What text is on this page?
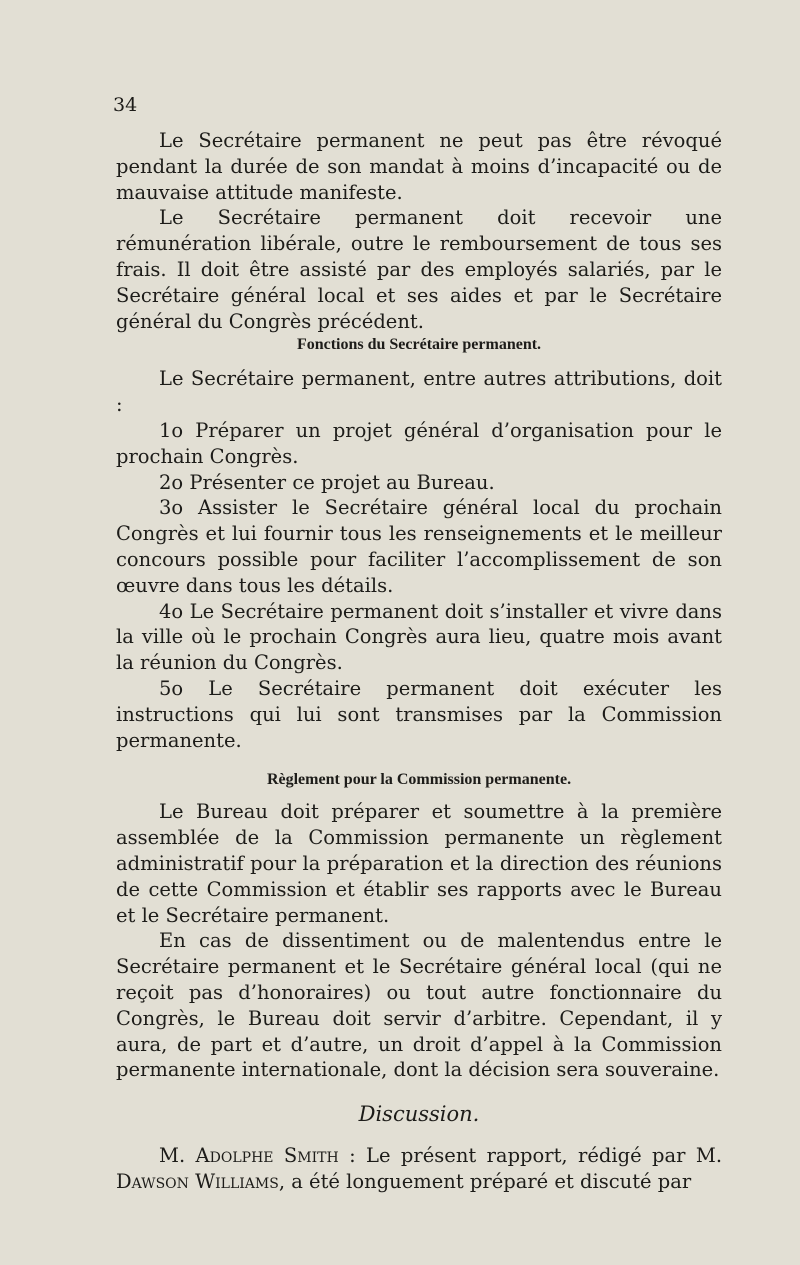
34

Le Secrétaire permanent ne peut pas être révoqué pendant la durée de son mandat à moins d’incapacité ou de mauvaise attitude manifeste.

Le Secrétaire permanent doit recevoir une rémunération libérale, outre le remboursement de tous ses frais. Il doit être assisté par des employés salariés, par le Secrétaire général local et ses aides et par le Secrétaire général du Congrès précédent.

Fonctions du Secrétaire permanent.

Le Secrétaire permanent, entre autres attributions, doit :

1o Préparer un projet général d’organisation pour le prochain Congrès.

2o Présenter ce projet au Bureau.

3o Assister le Secrétaire général local du prochain Congrès et lui fournir tous les renseignements et le meilleur concours possible pour faciliter l’accomplissement de son œuvre dans tous les détails.

4o Le Secrétaire permanent doit s’installer et vivre dans la ville où le prochain Congrès aura lieu, quatre mois avant la réunion du Congrès.

5o Le Secrétaire permanent doit exécuter les instructions qui lui sont transmises par la Commission permanente.

Règlement pour la Commission permanente.

Le Bureau doit préparer et soumettre à la première assemblée de la Commission permanente un règlement administratif pour la préparation et la direction des réunions de cette Commission et établir ses rapports avec le Bureau et le Secrétaire permanent.

En cas de dissentiment ou de malentendus entre le Secrétaire permanent et le Secrétaire général local (qui ne reçoit pas d’honoraires) ou tout autre fonctionnaire du Congrès, le Bureau doit servir d’arbitre. Cependant, il y aura, de part et d’autre, un droit d’appel à la Commission permanente internationale, dont la décision sera souveraine.

Discussion.

M. Adolphe Smith : Le présent rapport, rédigé par M. Dawson Williams, a été longuement préparé et discuté par
